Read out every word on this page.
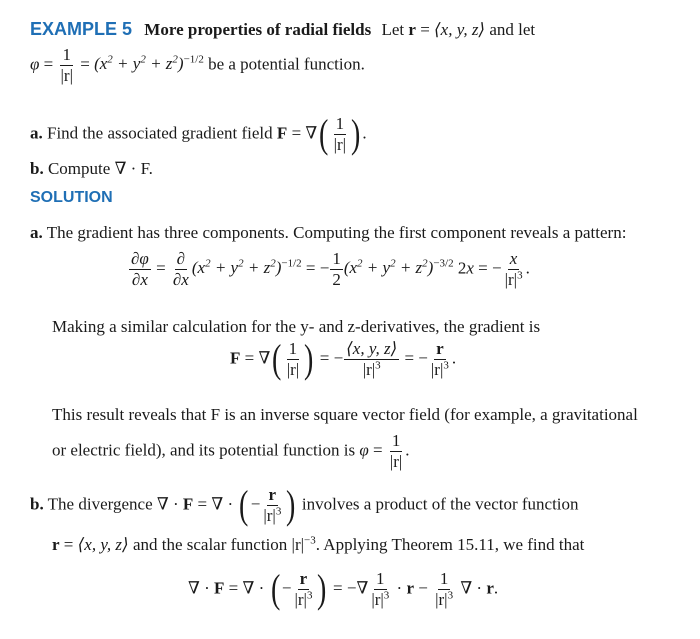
EXAMPLE 5 More properties of radial fields Let r = ⟨x, y, z⟩ and let
$\varphi = \frac{1}{|r|} = (x^2 + y^2 + z^2)^{-1/2}$ be a potential function.
a. Find the associated gradient field F = ∇( $\frac{1}{|r|}$ ) .
b. Compute ∇ · F.
SOLUTION
a. The gradient has three components. Computing the first component reveals a pattern:
$\frac{\partial\varphi}{\partial x} = \frac{\partial}{\partial x} (x^2 + y^2 + z^2)^{-1/2}$ = − $\frac{1}{2} (x^2 + y^2 + z^2)^{-3/2}$ 2x = − $\frac{x}{|r|^3}$ .
Making a similar calculation for the y- and z-derivatives, the gradient is
F = ∇( $\frac{1}{|r|}$ ) = − $\frac{⟨x, y, z⟩}{|r|^3}$ = − $\frac{r}{|r|^3}$ .
This result reveals that F is an inverse square vector field (for example, a gravitational
or electric field), and its potential function is $\varphi = \frac{1}{|r|}$ .
b. The divergence ∇ · F = ∇ · ( − $\frac{r}{|r|^3}$ ) involves a product of the vector function
r = ⟨x, y, z⟩ and the scalar function $|r|^{-3}$. Applying Theorem 15.11, we find that
∇ · F = ∇ · ( − $\frac{r}{|r|^3}$ ) = −∇ $\frac{1}{|r|^3} \cdot r - \frac{1}{|r|^3}$ ∇ · r.
